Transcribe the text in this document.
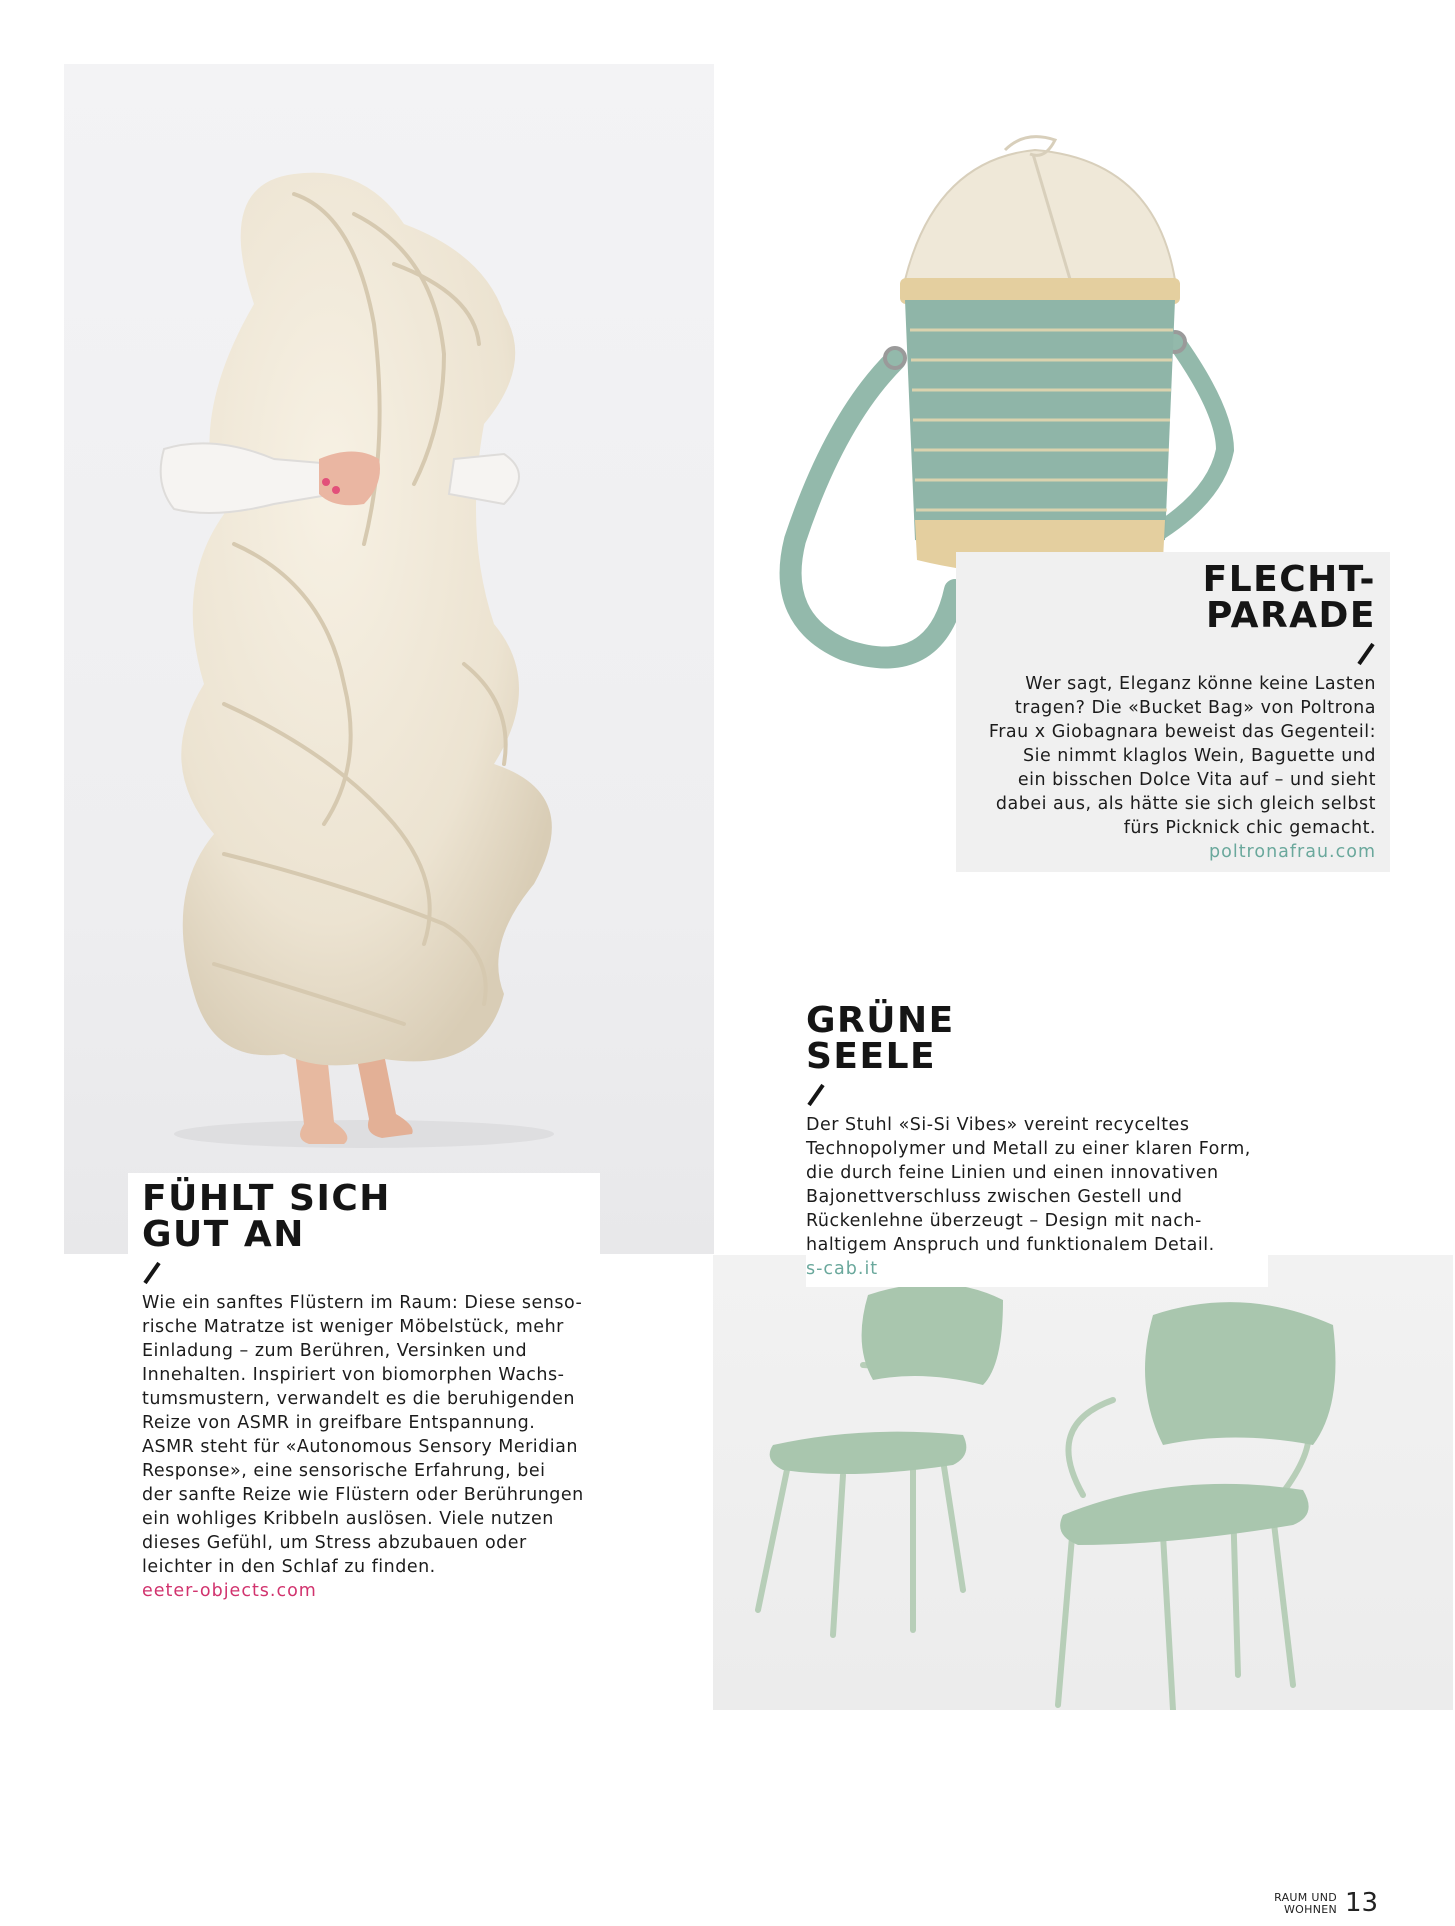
FÜHLT SICH
GUT AN

Wie ein sanftes Flüstern im Raum: Diese senso-
rische Matratze ist weniger Möbelstück, mehr
Einladung – zum Berühren, Versinken und
Innehalten. Inspiriert von biomorphen Wachs-
tumsmustern, verwandelt es die beruhigenden
Reize von ASMR in greifbare Entspannung.
ASMR steht für «Autonomous Sensory Meridian
Response», eine sensorische Erfahrung, bei
der sanfte Reize wie Flüstern oder Berührungen
ein wohliges Kribbeln auslösen. Viele nutzen
dieses Gefühl, um Stress abzubauen oder
leichter in den Schlaf zu finden.

eeter-objects.com
FLECHT-
PARADE

Wer sagt, Eleganz könne keine Lasten
tragen? Die «Bucket Bag» von Poltrona
Frau x Giobagnara beweist das Gegenteil:
Sie nimmt klaglos Wein, Baguette und
ein bisschen Dolce Vita auf – und sieht
dabei aus, als hätte sie sich gleich selbst
fürs Picknick chic gemacht.

poltronafrau.com
GRÜNE
SEELE

Der Stuhl «Si-Si Vibes» vereint recyceltes
Technopolymer und Metall zu einer klaren Form,
die durch feine Linien und einen innovativen
Bajonettverschluss zwischen Gestell und
Rückenlehne überzeugt – Design mit nach-
haltigem Anspruch und funktionalem Detail.

s-cab.it
RAUM UND
WOHNEN 13
